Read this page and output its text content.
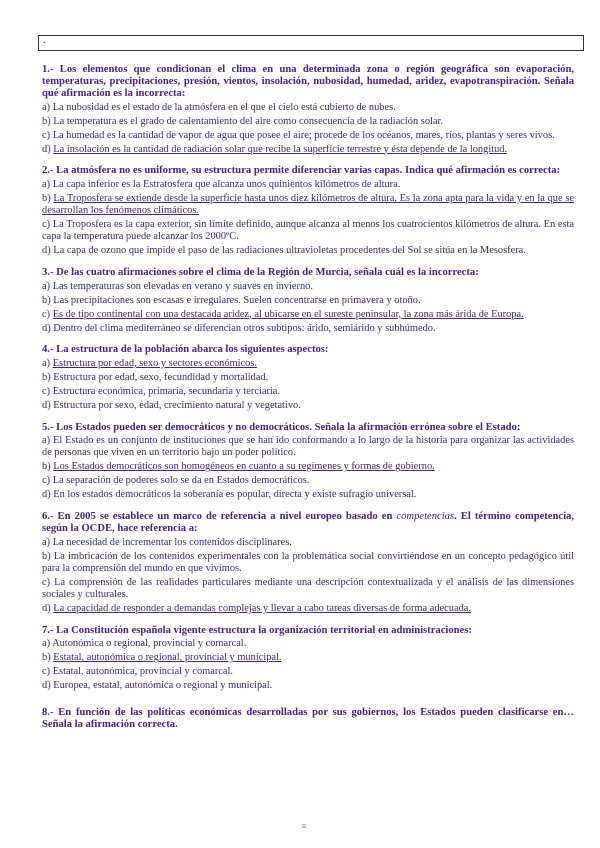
.

1.- Los elementos que condicionan el clima en una determinada zona o región geográfica son evaporación, temperaturas, precipitaciones, presión, vientos, insolación, nubosidad, humedad, aridez, evapotranspiración. Señala qué afirmación es la incorrecta:

a) La nubosidad es el estado de la atmósfera en el que el cielo está cubierto de nubes.

b) La temperatura es el grado de calentamiento del aire como consecuencia de la radiación solar.

c) La humedad es la cantidad de vapor de agua que posee el aire; procede de los océanos, mares, ríos, plantas y seres vivos.

d) La insolación es la cantidad de radiación solar que recibe la superficie terrestre y ésta depende de la longitud.

2.- La atmósfera no es uniforme, su estructura permite diferenciar varias capas. Indica qué afirmación es correcta:

a) La capa inferior es la Estratosfera que alcanza unos quinientos kilómetros de altura.

b) La Troposfera se extiende desde la superficie hasta unos diez kilómetros de altura. Es la zona apta para la vida y en la que se desarrollan los fenómenos climáticos.

c) La Troposfera es la capa exterior, sin límite definido, aunque alcanza al menos los cuatrocientos kilómetros de altura. En esta capa la temperatura puede alcanzar los 2000ºC.

d) La capa de ozono que impide el paso de las radiaciones ultravioletas procedentes del Sol se sitúa en la Mesosfera.

3.- De las cuatro afirmaciones sobre el clima de la Región de Murcia, señala cuál es la incorrecta:

a) Las temperaturas son elevadas en verano y suaves en invierno.

b) Las precipitaciones son escasas e irregulares. Suelen concentrarse en primavera y otoño.

c) Es de tipo continental con una destacada aridez, al ubicarse en el sureste peninsular, la zona más árida de Europa.

d) Dentro del clima mediterráneo se diferencian otros subtipos: árido, semiárido y subhúmedo.

4.- La estructura de la población abarca los siguientes aspectos:

a) Estructura por edad, sexo y sectores económicos.

b) Estructura por edad, sexo, fecundidad y mortalidad.

c) Estructura económica, primaria, secundaria y terciaria.

d) Estructura por sexo, edad, crecimiento natural y vegetativo.

5.- Los Estados pueden ser democráticos y no democráticos. Señala la afirmación errónea sobre el Estado:

a) El Estado es un conjunto de instituciones que se han ido conformando a lo largo de la historia para organizar las actividades de personas que viven en un territorio bajo un poder político.

b) Los Estados democráticos son homogéneos en cuanto a su regímenes y formas de gobierno.

c) La separación de poderes solo se da en Estados democráticos.

d) En los estados democráticos la soberanía es popular, directa y existe sufragio universal.

6.- En 2005 se establece un marco de referencia a nivel europeo basado en competencias. El término competencia, según la OCDE, hace referencia a:

a) La necesidad de incrementar los contenidos disciplinares.

b) La imbricación de los contenidos experimentales con la problemática social convirtiéndose en un concepto pedagógico útil para la comprensión del mundo en que vivimos.

c) La comprensión de las realidades particulares mediante una descripción contextualizada y el análisis de las dimensiones sociales y culturales.

d) La capacidad de responder a demandas complejas y llevar a cabo tareas diversas de forma adecuada.

7.- La Constitución española vigente estructura la organización territorial en administraciones:

a) Autonómica o regional, provincial y comarcal.

b) Estatal, autonómica o regional, provincial y municipal.

c) Estatal, autonómica, provincial y comarcal.

d) Europea, estatal, autonómica o regional y municipal.

8.- En función de las políticas económicas desarrolladas por sus gobiernos, los Estados pueden clasificarse en… Señala la afirmación correcta.

≡
